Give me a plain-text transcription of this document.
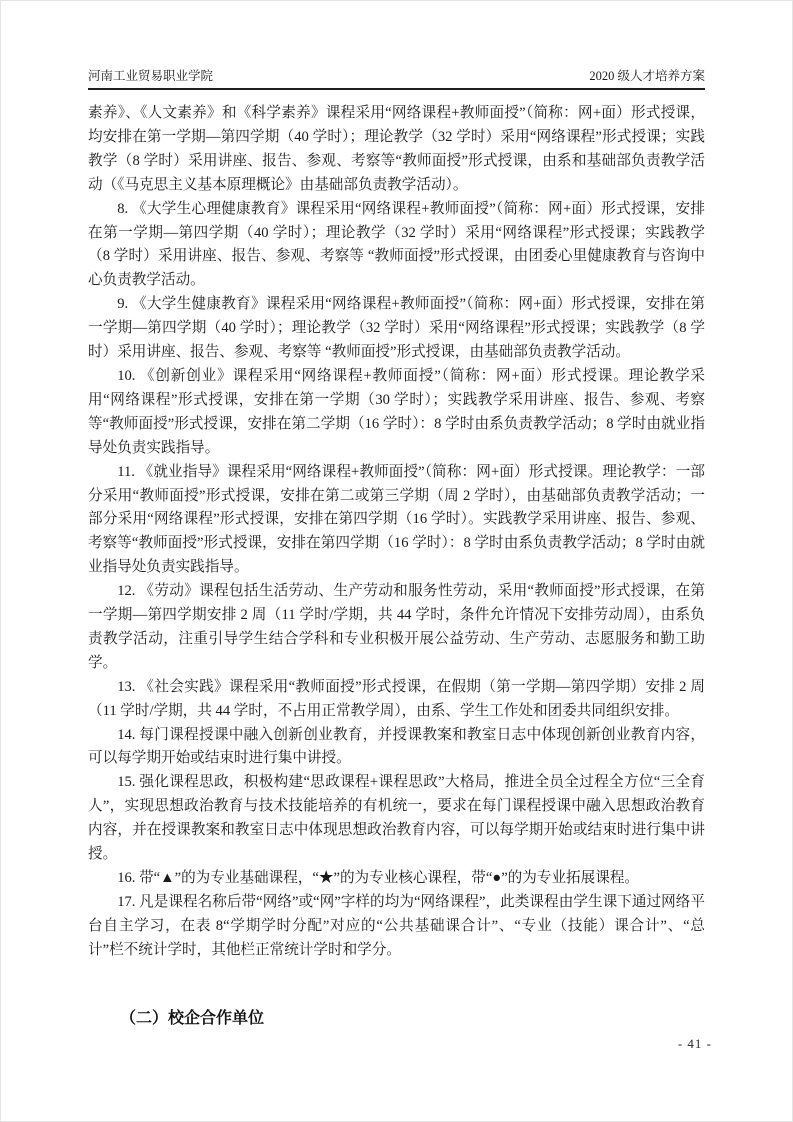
河南工业贸易职业学院	2020 级人才培养方案

素养》、《人文素养》和《科学素养》课程采用“网络课程+教师面授”（简称：网+面）形式授课，均安排在第一学期—第四学期（40 学时）；理论教学（32 学时）采用“网络课程”形式授课；实践教学（8 学时）采用讲座、报告、参观、考察等“教师面授”形式授课，由系和基础部负责教学活动（《马克思主义基本原理概论》由基础部负责教学活动）。

8. 《大学生心理健康教育》课程采用“网络课程+教师面授”（简称：网+面）形式授课，安排在第一学期—第四学期（40 学时）；理论教学（32 学时）采用“网络课程”形式授课；实践教学（8 学时）采用讲座、报告、参观、考察等 “教师面授”形式授课，由团委心里健康教育与咨询中心负责教学活动。

9. 《大学生健康教育》课程采用“网络课程+教师面授”（简称：网+面）形式授课，安排在第一学期—第四学期（40 学时）；理论教学（32 学时）采用“网络课程”形式授课；实践教学（8 学时）采用讲座、报告、参观、考察等 “教师面授”形式授课，由基础部负责教学活动。

10. 《创新创业》课程采用“网络课程+教师面授”（简称：网+面）形式授课。理论教学采用“网络课程”形式授课，安排在第一学期（30 学时）；实践教学采用讲座、报告、参观、考察等“教师面授”形式授课，安排在第二学期（16 学时）：8 学时由系负责教学活动；8 学时由就业指导处负责实践指导。

11. 《就业指导》课程采用“网络课程+教师面授”（简称：网+面）形式授课。理论教学：一部分采用“教师面授”形式授课，安排在第二或第三学期（周 2 学时），由基础部负责教学活动；一部分采用“网络课程”形式授课，安排在第四学期（16 学时）。实践教学采用讲座、报告、参观、考察等“教师面授”形式授课，安排在第四学期（16 学时）：8 学时由系负责教学活动；8 学时由就业指导处负责实践指导。

12. 《劳动》课程包括生活劳动、生产劳动和服务性劳动，采用“教师面授”形式授课，在第一学期—第四学期安排 2 周（11 学时/学期，共 44 学时，条件允许情况下安排劳动周），由系负责教学活动，注重引导学生结合学科和专业积极开展公益劳动、生产劳动、志愿服务和勤工助学。

13. 《社会实践》课程采用“教师面授”形式授课，在假期（第一学期—第四学期）安排 2 周（11 学时/学期，共 44 学时，不占用正常教学周），由系、学生工作处和团委共同组织安排。

14. 每门课程授课中融入创新创业教育，并授课教案和教室日志中体现创新创业教育内容，可以每学期开始或结束时进行集中讲授。

15. 强化课程思政，积极构建“思政课程+课程思政”大格局，推进全员全过程全方位“三全育人”，实现思想政治教育与技术技能培养的有机统一，要求在每门课程授课中融入思想政治教育内容，并在授课教案和教室日志中体现思想政治教育内容，可以每学期开始或结束时进行集中讲授。

16. 带“▲”的为专业基础课程，“★”的为专业核心课程，带“●”的为专业拓展课程。

17. 凡是课程名称后带“网络”或“网”字样的均为“网络课程”，此类课程由学生课下通过网络平台自主学习，在表 8“学期学时分配”对应的“公共基础课合计”、“专业（技能）课合计”、“总计”栏不统计学时，其他栏正常统计学时和学分。

（二）校企合作单位
- 41 -
